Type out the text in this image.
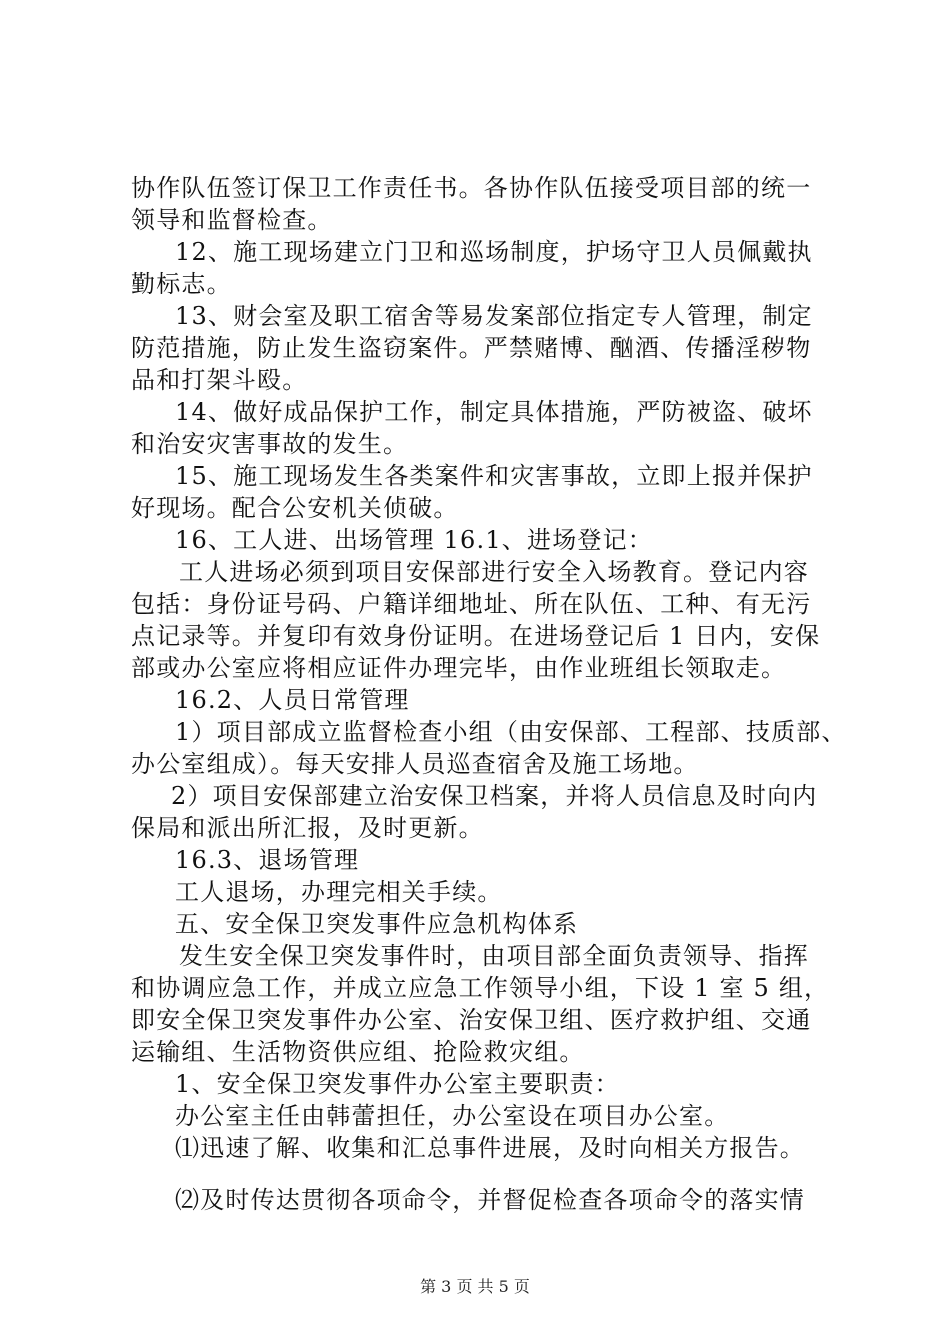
协作队伍签订保卫工作责任书。各协作队伍接受项目部的统一
领导和监督检查。
12、施工现场建立门卫和巡场制度，护场守卫人员佩戴执
勤标志。
13、财会室及职工宿舍等易发案部位指定专人管理，制定
防范措施，防止发生盗窃案件。严禁赌博、酗酒、传播淫秽物
品和打架斗殴。
14、做好成品保护工作，制定具体措施，严防被盗、破坏
和治安灾害事故的发生。
15、施工现场发生各类案件和灾害事故，立即上报并保护
好现场。配合公安机关侦破。
16、工人进、出场管理 16.1、进场登记：
工人进场必须到项目安保部进行安全入场教育。登记内容
包括：身份证号码、户籍详细地址、所在队伍、工种、有无污
点记录等。并复印有效身份证明。在进场登记后 1 日内，安保
部或办公室应将相应证件办理完毕，由作业班组长领取走。
16.2、人员日常管理
1）项目部成立监督检查小组（由安保部、工程部、技质部、
办公室组成）。每天安排人员巡查宿舍及施工场地。
2）项目安保部建立治安保卫档案，并将人员信息及时向内
保局和派出所汇报，及时更新。
16.3、退场管理
工人退场，办理完相关手续。
五、安全保卫突发事件应急机构体系
发生安全保卫突发事件时，由项目部全面负责领导、指挥
和协调应急工作，并成立应急工作领导小组，下设 1 室 5 组，
即安全保卫突发事件办公室、治安保卫组、医疗救护组、交通
运输组、生活物资供应组、抢险救灾组。
1、安全保卫突发事件办公室主要职责：
办公室主任由韩蕾担任，办公室设在项目办公室。
⑴迅速了解、收集和汇总事件进展，及时向相关方报告。
⑵及时传达贯彻各项命令，并督促检查各项命令的落实情
第 3 页 共 5 页
